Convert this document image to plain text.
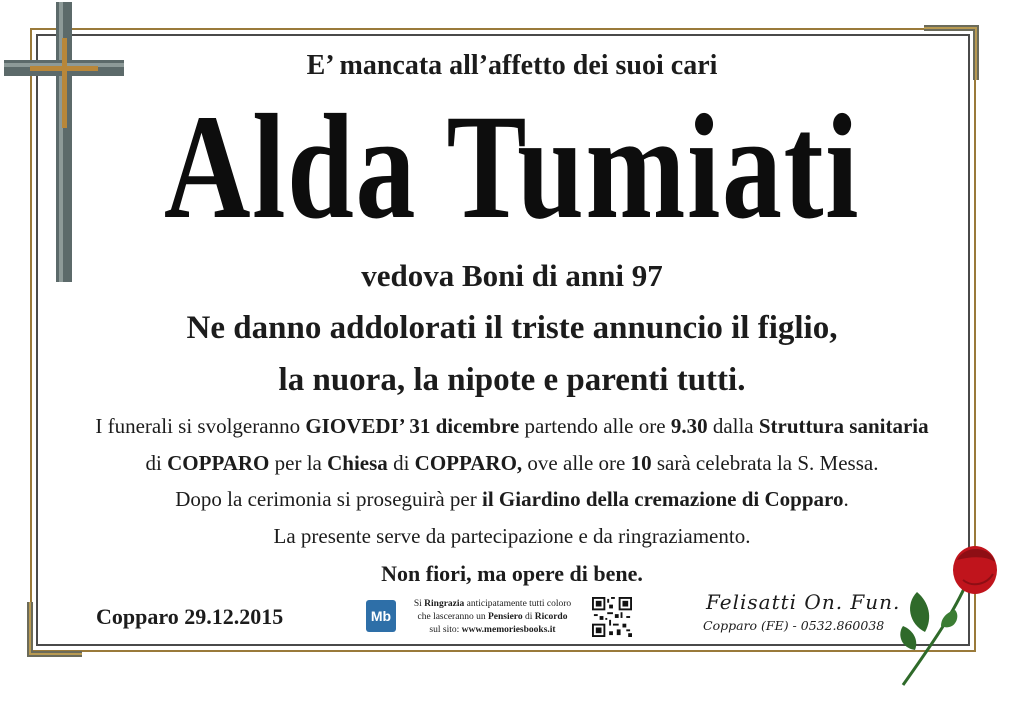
E’ mancata all’affetto dei suoi cari
Alda Tumiati
vedova Boni di anni 97
Ne danno addolorati il triste annuncio il figlio,
la nuora, la nipote e parenti tutti.
I funerali si svolgeranno GIOVEDI’ 31 dicembre partendo alle ore 9.30 dalla Struttura sanitaria
di COPPARO per la Chiesa di COPPARO, ove alle ore 10 sarà celebrata la S. Messa.
Dopo la cerimonia si proseguirà per il Giardino della cremazione di Copparo.
La presente serve da partecipazione e da ringraziamento.
Non fiori, ma opere di bene.
Copparo 29.12.2015	Mb
Si Ringrazia anticipatamente tutti coloro
che lasceranno un Pensiero di Ricordo
sul sito: www.memoriesbooks.it
Felisatti On. Fun.
Copparo (FE) - 0532.860038
